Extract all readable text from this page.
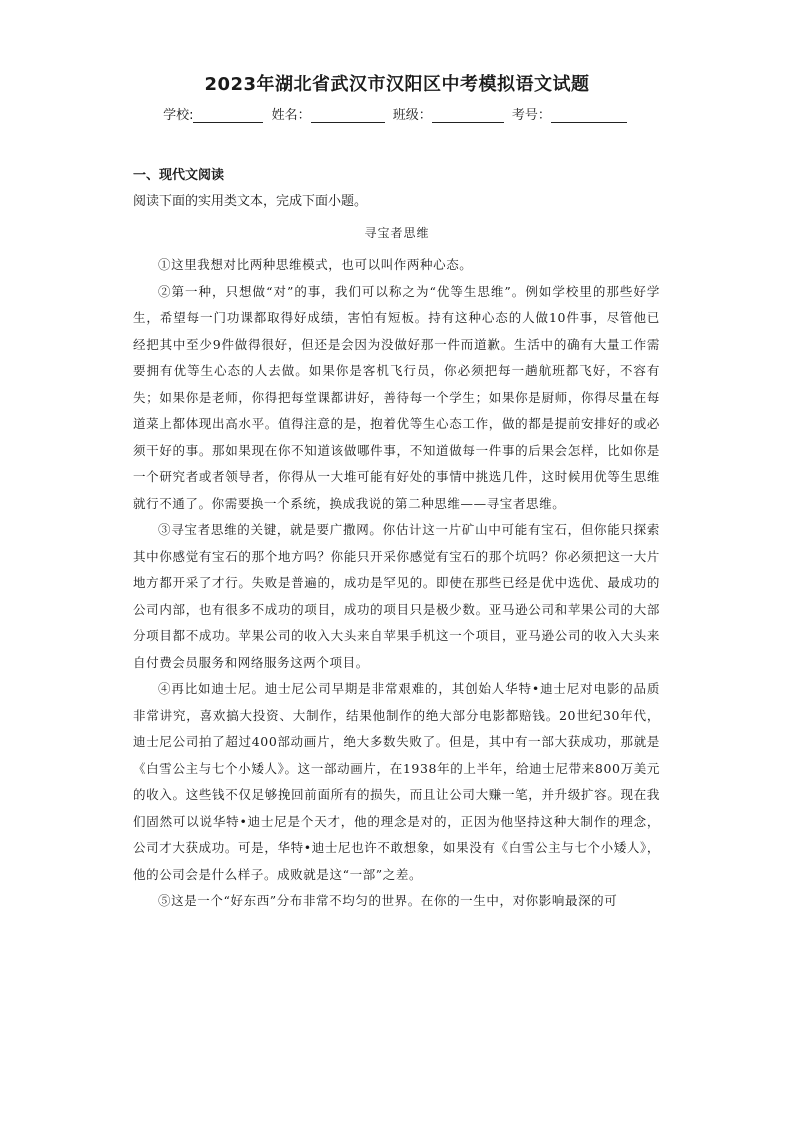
2023年湖北省武汉市汉阳区中考模拟语文试题
学校:	姓名：	班级：	考号：
一、现代文阅读
阅读下面的实用类文本，完成下面小题。
寻宝者思维

①这里我想对比两种思维模式，也可以叫作两种心态。

②第一种，只想做“对”的事，我们可以称之为“优等生思维”。例如学校里的那些好学生，希望每一门功课都取得好成绩，害怕有短板。持有这种心态的人做10件事，尽管他已经把其中至少9件做得很好，但还是会因为没做好那一件而道歉。生活中的确有大量工作需要拥有优等生心态的人去做。如果你是客机飞行员，你必须把每一趟航班都飞好，不容有失；如果你是老师，你得把每堂课都讲好，善待每一个学生；如果你是厨师，你得尽量在每道菜上都体现出高水平。值得注意的是，抱着优等生心态工作，做的都是提前安排好的或必须干好的事。那如果现在你不知道该做哪件事，不知道做每一件事的后果会怎样，比如你是一个研究者或者领导者，你得从一大堆可能有好处的事情中挑选几件，这时候用优等生思维就行不通了。你需要换一个系统，换成我说的第二种思维——寻宝者思维。

③寻宝者思维的关键，就是要广撒网。你估计这一片矿山中可能有宝石，但你能只探索其中你感觉有宝石的那个地方吗？你能只开采你感觉有宝石的那个坑吗？你必须把这一大片地方都开采了才行。失败是普遍的，成功是罕见的。即使在那些已经是优中选优、最成功的公司内部，也有很多不成功的项目，成功的项目只是极少数。亚马逊公司和苹果公司的大部分项目都不成功。苹果公司的收入大头来自苹果手机这一个项目，亚马逊公司的收入大头来自付费会员服务和网络服务这两个项目。

④再比如迪士尼。迪士尼公司早期是非常艰难的，其创始人华特•迪士尼对电影的品质非常讲究，喜欢搞大投资、大制作，结果他制作的绝大部分电影都赔钱。20世纪30年代，迪士尼公司拍了超过400部动画片，绝大多数失败了。但是，其中有一部大获成功，那就是《白雪公主与七个小矮人》。这一部动画片，在1938年的上半年，给迪士尼带来800万美元的收入。这些钱不仅足够挽回前面所有的损失，而且让公司大赚一笔，并升级扩容。现在我们固然可以说华特•迪士尼是个天才，他的理念是对的，正因为他坚持这种大制作的理念，公司才大获成功。可是，华特•迪士尼也许不敢想象，如果没有《白雪公主与七个小矮人》，他的公司会是什么样子。成败就是这“一部”之差。

⑤这是一个“好东西”分布非常不均匀的世界。在你的一生中，对你影响最深的可
